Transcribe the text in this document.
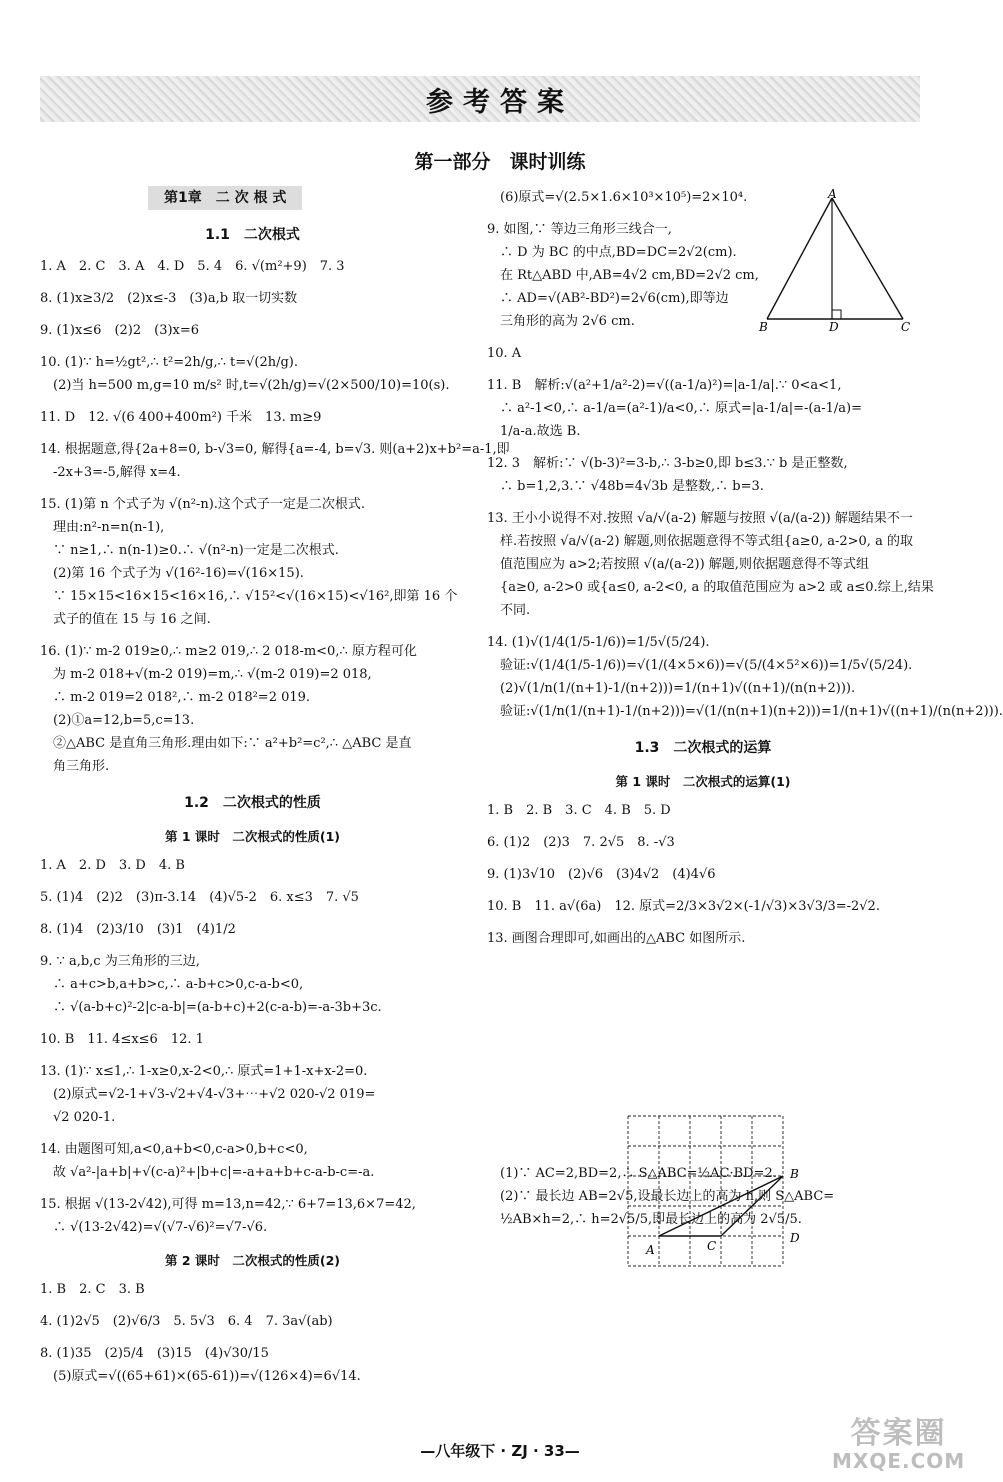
参考答案
第一部分　课时训练
第1章　二 次 根 式
1.1　二次根式
1. A　2. C　3. A　4. D　5. 4　6. √(m²+9)　7. 3
8. (1)x≥3/2　(2)x≤-3　(3)a,b 取一切实数
9. (1)x≤6　(2)2　(3)x=6
10. (1)∵ h=½gt²,∴ t²=2h/g,∴ t=√(2h/g).
　(2)当 h=500 m,g=10 m/s² 时,t=√(2h/g)=√(2×500/10)=10(s).
11. D　12. √(6 400+400m²) 千米　13. m≥9
14. 根据题意,得{2a+8=0, b-√3=0, 解得{a=-4, b=√3. 则(a+2)x+b²=a-1,即
　-2x+3=-5,解得 x=4.
15. (1)第 n 个式子为 √(n²-n).这个式子一定是二次根式.
　理由:n²-n=n(n-1),
　∵ n≥1,∴ n(n-1)≥0.∴ √(n²-n)一定是二次根式.
　(2)第 16 个式子为 √(16²-16)=√(16×15).
　∵ 15×15<16×15<16×16,∴ √15²<√(16×15)<√16²,即第 16 个
　式子的值在 15 与 16 之间.
16. (1)∵ m-2 019≥0,∴ m≥2 019,∴ 2 018-m<0,∴ 原方程可化
　为 m-2 018+√(m-2 019)=m,∴ √(m-2 019)=2 018,
　∴ m-2 019=2 018²,∴ m-2 018²=2 019.
　(2)①a=12,b=5,c=13.
　②△ABC 是直角三角形.理由如下:∵ a²+b²=c²,∴ △ABC 是直
　角三角形.
1.2　二次根式的性质
第 1 课时　二次根式的性质(1)
1. A　2. D　3. D　4. B
5. (1)4　(2)2　(3)π-3.14　(4)√5-2　6. x≤3　7. √5
8. (1)4　(2)3/10　(3)1　(4)1/2
9. ∵ a,b,c 为三角形的三边,
　∴ a+c>b,a+b>c,∴ a-b+c>0,c-a-b<0,
　∴ √(a-b+c)²-2|c-a-b|=(a-b+c)+2(c-a-b)=-a-3b+3c.
10. B　11. 4≤x≤6　12. 1
13. (1)∵ x≤1,∴ 1-x≥0,x-2<0,∴ 原式=1+1-x+x-2=0.
　(2)原式=√2-1+√3-√2+√4-√3+⋯+√2 020-√2 019=
　√2 020-1.
14. 由题图可知,a<0,a+b<0,c-a>0,b+c<0,
　故 √a²-|a+b|+√(c-a)²+|b+c|=-a+a+b+c-a-b-c=-a.
15. 根据 √(13-2√42),可得 m=13,n=42,∵ 6+7=13,6×7=42,
　∴ √(13-2√42)=√(√7-√6)²=√7-√6.
第 2 课时　二次根式的性质(2)
1. B　2. C　3. B
4. (1)2√5　(2)√6/3　5. 5√3　6. 4　7. 3a√(ab)
8. (1)35　(2)5/4　(3)15　(4)√30/15
　(5)原式=√((65+61)×(65-61))=√(126×4)=6√14.
　(6)原式=√(2.5×1.6×10³×10⁵)=2×10⁴.
9. 如图,∵ 等边三角形三线合一,
　∴ D 为 BC 的中点,BD=DC=2√2(cm).
　在 Rt△ABD 中,AB=4√2 cm,BD=2√2 cm,
　∴ AD=√(AB²-BD²)=2√6(cm),即等边
　三角形的高为 2√6 cm.
10. A
11. B　解析:√(a²+1/a²-2)=√((a-1/a)²)=|a-1/a|.∵ 0<a<1,
　∴ a²-1<0,∴ a-1/a=(a²-1)/a<0,∴ 原式=|a-1/a|=-(a-1/a)=
　1/a-a.故选 B.
12. 3　解析:∵ √(b-3)²=3-b,∴ 3-b≥0,即 b≤3.∵ b 是正整数,
　∴ b=1,2,3.∵ √48b=4√3b 是整数,∴ b=3.
13. 王小小说得不对.按照 √a/√(a-2) 解题与按照 √(a/(a-2)) 解题结果不一
　样.若按照 √a/√(a-2) 解题,则依据题意得不等式组{a≥0, a-2>0, a 的取
　值范围应为 a>2;若按照 √(a/(a-2)) 解题,则依据题意得不等式组
　{a≥0, a-2>0 或{a≤0, a-2<0, a 的取值范围应为 a>2 或 a≤0.综上,结果
　不同.
14. (1)√(1/4(1/5-1/6))=1/5√(5/24).
　验证:√(1/4(1/5-1/6))=√(1/(4×5×6))=√(5/(4×5²×6))=1/5√(5/24).
　(2)√(1/n(1/(n+1)-1/(n+2)))=1/(n+1)√((n+1)/(n(n+2))).
　验证:√(1/n(1/(n+1)-1/(n+2)))=√(1/(n(n+1)(n+2)))=1/(n+1)√((n+1)/(n(n+2))).
1.3　二次根式的运算
第 1 课时　二次根式的运算(1)
1. B　2. B　3. C　4. B　5. D
6. (1)2　(2)3　7. 2√5　8. -√3
9. (1)3√10　(2)√6　(3)4√2　(4)4√6
10. B　11. a√(6a)　12. 原式=2/3×3√2×(-1/√3)×3√3/3=-2√2.
13. 画图合理即可,如画出的△ABC 如图所示.
　(1)∵ AC=2,BD=2,∴ S△ABC=½AC·BD=2.
　(2)∵ 最长边 AB=2√5,设最长边上的高为 h,则 S△ABC=
　½AB×h=2,∴ h=2√5/5,即最长边上的高为 2√5/5.
A
B	D	C
A	C
B
D
—八年级下 · ZJ · 33—	答案圈
MXQE.COM
